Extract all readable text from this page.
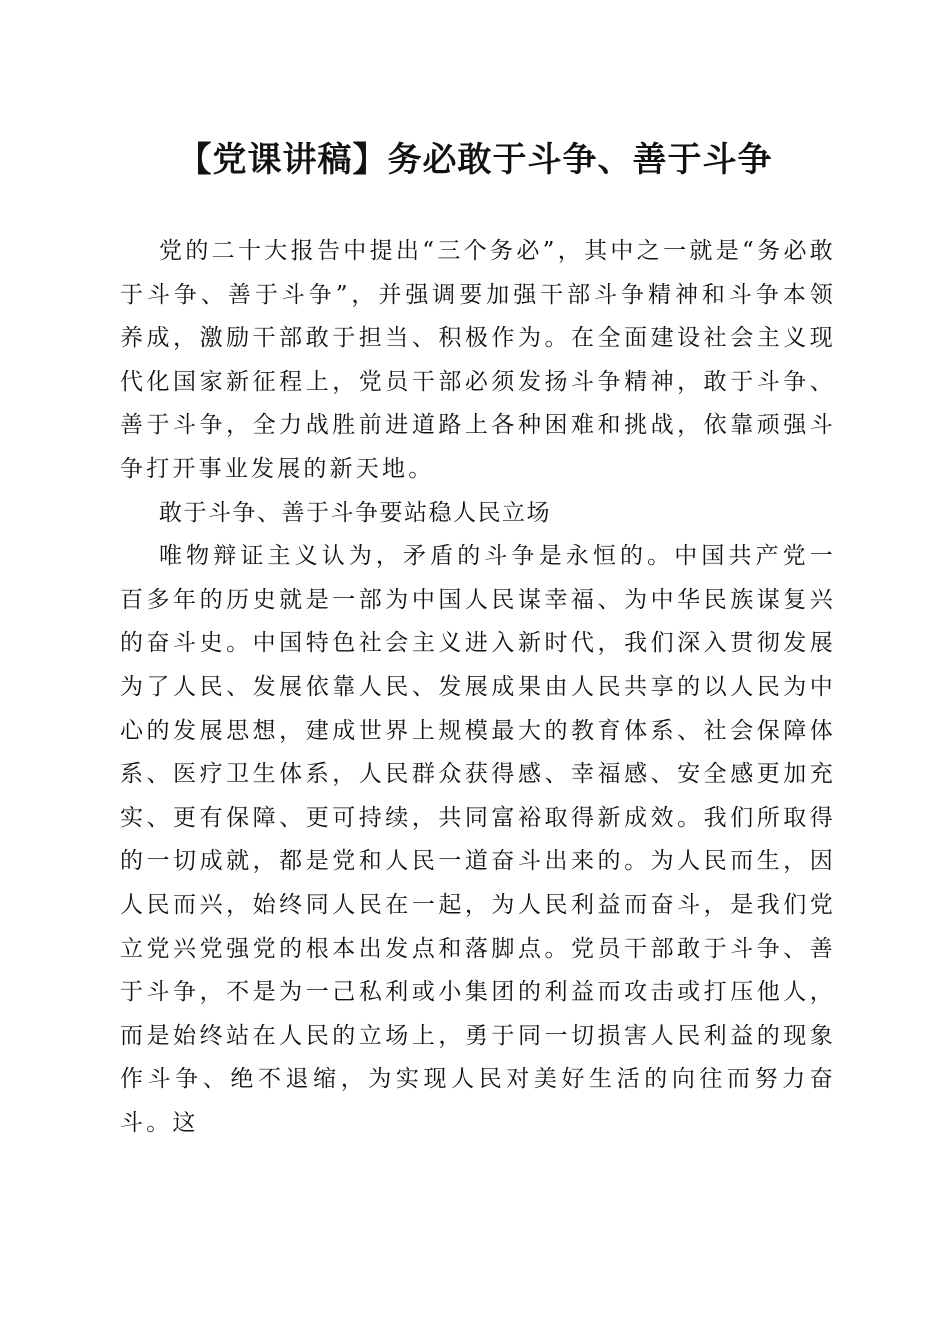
【党课讲稿】务必敢于斗争、善于斗争

党的二十大报告中提出“三个务必”，其中之一就是“务必敢于斗争、善于斗争”，并强调要加强干部斗争精神和斗争本领养成，激励干部敢于担当、积极作为。在全面建设社会主义现代化国家新征程上，党员干部必须发扬斗争精神，敢于斗争、善于斗争，全力战胜前进道路上各种困难和挑战，依靠顽强斗争打开事业发展的新天地。

敢于斗争、善于斗争要站稳人民立场

唯物辩证主义认为，矛盾的斗争是永恒的。中国共产党一百多年的历史就是一部为中国人民谋幸福、为中华民族谋复兴的奋斗史。中国特色社会主义进入新时代，我们深入贯彻发展为了人民、发展依靠人民、发展成果由人民共享的以人民为中心的发展思想，建成世界上规模最大的教育体系、社会保障体系、医疗卫生体系，人民群众获得感、幸福感、安全感更加充实、更有保障、更可持续，共同富裕取得新成效。我们所取得的一切成就，都是党和人民一道奋斗出来的。为人民而生，因人民而兴，始终同人民在一起，为人民利益而奋斗，是我们党立党兴党强党的根本出发点和落脚点。党员干部敢于斗争、善于斗争，不是为一己私利或小集团的利益而攻击或打压他人，而是始终站在人民的立场上，勇于同一切损害人民利益的现象作斗争、绝不退缩，为实现人民对美好生活的向往而努力奋斗。这
